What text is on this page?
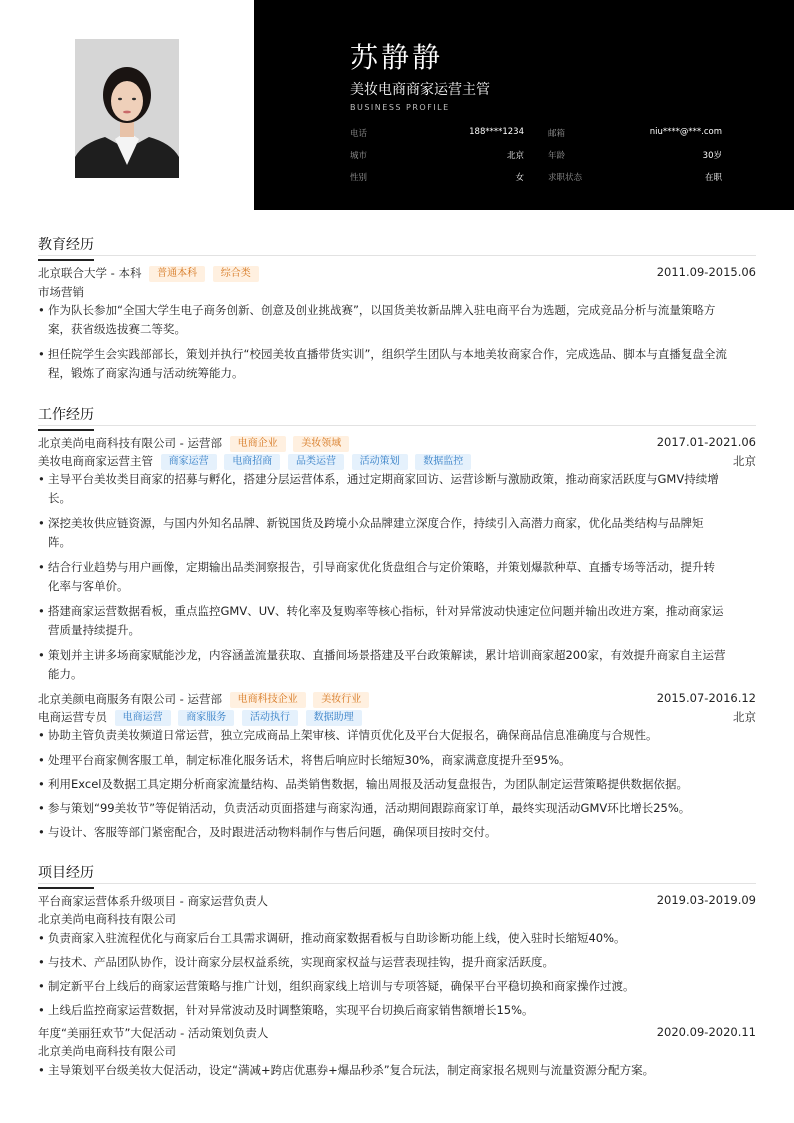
苏静静
美妆电商商家运营主管
BUSINESS PROFILE
电话	188****1234	邮箱	niu****@***.com
城市	北京	年龄	30岁
性别	女	求职状态	在职
教育经历
北京联合大学 - 本科 普通本科 综合类	2011.09-2015.06
市场营销
• 作为队长参加“全国大学生电子商务创新、创意及创业挑战赛”，以国货美妆新品牌入驻电商平台为选题，完成竞品分析与流量策略方
案，获省级选拔赛二等奖。
• 担任院学生会实践部部长，策划并执行“校园美妆直播带货实训”，组织学生团队与本地美妆商家合作，完成选品、脚本与直播复盘全流
程，锻炼了商家沟通与活动统筹能力。
工作经历
北京美尚电商科技有限公司 - 运营部 电商企业 美妆领域	2017.01-2021.06
美妆电商商家运营主管 商家运营 电商招商 品类运营 活动策划 数据监控	北京
• 主导平台美妆类目商家的招募与孵化，搭建分层运营体系，通过定期商家回访、运营诊断与激励政策，推动商家活跃度与GMV持续增
长。
• 深挖美妆供应链资源，与国内外知名品牌、新锐国货及跨境小众品牌建立深度合作，持续引入高潜力商家，优化品类结构与品牌矩
阵。
• 结合行业趋势与用户画像，定期输出品类洞察报告，引导商家优化货盘组合与定价策略，并策划爆款种草、直播专场等活动，提升转
化率与客单价。
• 搭建商家运营数据看板，重点监控GMV、UV、转化率及复购率等核心指标，针对异常波动快速定位问题并输出改进方案，推动商家运
营质量持续提升。
• 策划并主讲多场商家赋能沙龙，内容涵盖流量获取、直播间场景搭建及平台政策解读，累计培训商家超200家，有效提升商家自主运营
能力。
北京美颜电商服务有限公司 - 运营部 电商科技企业 美妆行业	2015.07-2016.12
电商运营专员 电商运营 商家服务 活动执行 数据助理	北京
• 协助主管负责美妆频道日常运营，独立完成商品上架审核、详情页优化及平台大促报名，确保商品信息准确度与合规性。
• 处理平台商家侧客服工单，制定标准化服务话术，将售后响应时长缩短30%，商家满意度提升至95%。
• 利用Excel及数据工具定期分析商家流量结构、品类销售数据，输出周报及活动复盘报告，为团队制定运营策略提供数据依据。
• 参与策划“99美妆节”等促销活动，负责活动页面搭建与商家沟通，活动期间跟踪商家订单，最终实现活动GMV环比增长25%。
• 与设计、客服等部门紧密配合，及时跟进活动物料制作与售后问题，确保项目按时交付。
项目经历
平台商家运营体系升级项目 - 商家运营负责人	2019.03-2019.09
北京美尚电商科技有限公司
• 负责商家入驻流程优化与商家后台工具需求调研，推动商家数据看板与自助诊断功能上线，使入驻时长缩短40%。
• 与技术、产品团队协作，设计商家分层权益系统，实现商家权益与运营表现挂钩，提升商家活跃度。
• 制定新平台上线后的商家运营策略与推广计划，组织商家线上培训与专项答疑，确保平台平稳切换和商家操作过渡。
• 上线后监控商家运营数据，针对异常波动及时调整策略，实现平台切换后商家销售额增长15%。
年度“美丽狂欢节”大促活动 - 活动策划负责人	2020.09-2020.11
北京美尚电商科技有限公司
• 主导策划平台级美妆大促活动，设定“满减+跨店优惠券+爆品秒杀”复合玩法，制定商家报名规则与流量资源分配方案。
